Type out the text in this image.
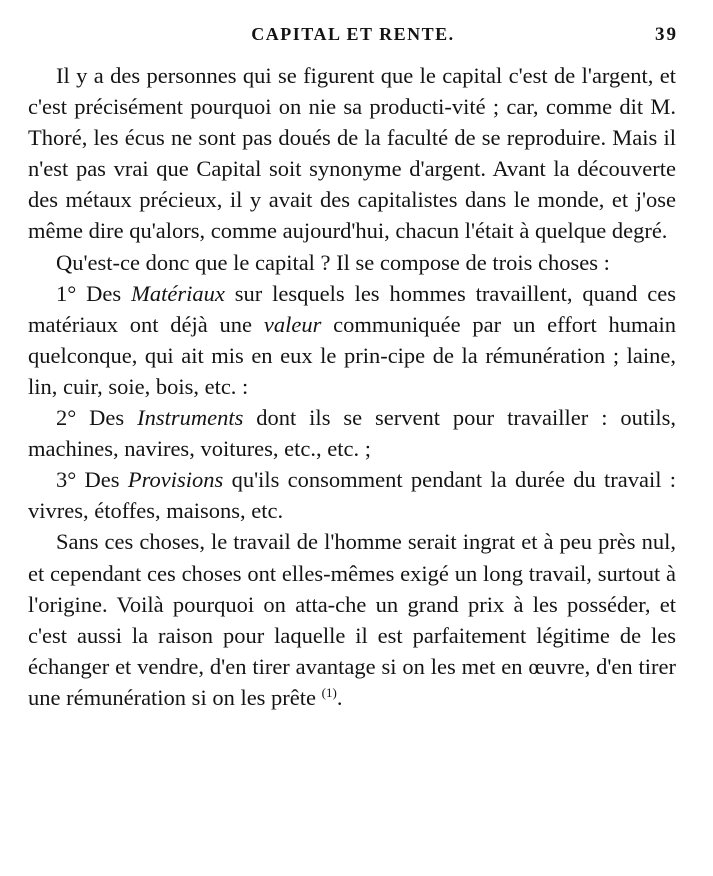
CAPITAL ET RENTE.	39

Il y a des personnes qui se figurent que le capital c'est de l'argent, et c'est précisément pourquoi on nie sa producti-vité ; car, comme dit M. Thoré, les écus ne sont pas doués de la faculté de se reproduire. Mais il n'est pas vrai que Capital soit synonyme d'argent. Avant la découverte des métaux précieux, il y avait des capitalistes dans le monde, et j'ose même dire qu'alors, comme aujourd'hui, chacun l'était à quelque degré.

Qu'est-ce donc que le capital ? Il se compose de trois choses :

1° Des Matériaux sur lesquels les hommes travaillent, quand ces matériaux ont déjà une valeur communiquée par un effort humain quelconque, qui ait mis en eux le prin-cipe de la rémunération ; laine, lin, cuir, soie, bois, etc. :

2° Des Instruments dont ils se servent pour travailler : outils, machines, navires, voitures, etc., etc. ;

3° Des Provisions qu'ils consomment pendant la durée du travail : vivres, étoffes, maisons, etc.

Sans ces choses, le travail de l'homme serait ingrat et à peu près nul, et cependant ces choses ont elles-mêmes exigé un long travail, surtout à l'origine. Voilà pourquoi on atta-che un grand prix à les posséder, et c'est aussi la raison pour laquelle il est parfaitement légitime de les échanger et vendre, d'en tirer avantage si on les met en œuvre, d'en tirer une rémunération si on les prête $^{(1)}$.
